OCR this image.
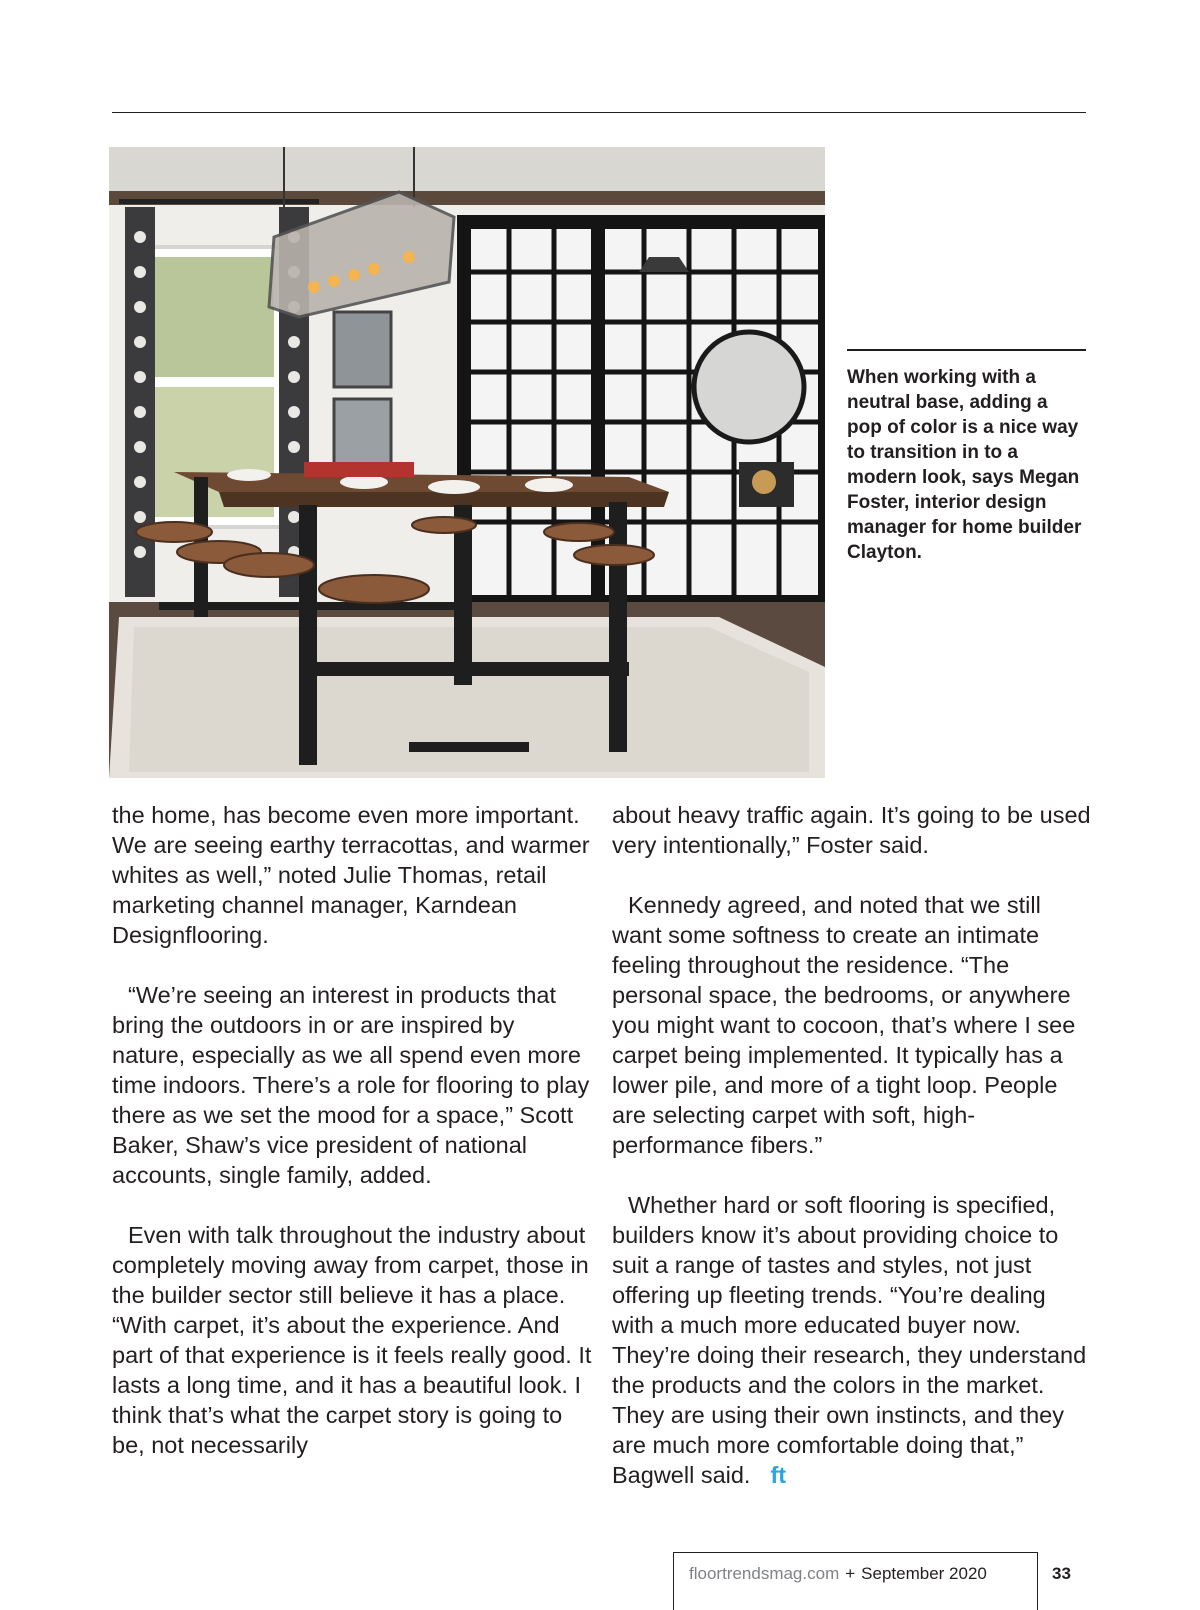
When working with a neutral base, adding a pop of color is a nice way to transition in to a modern look, says Megan Foster, interior design manager for home builder Clayton.

the home, has become even more important. We are seeing earthy terracottas, and warmer whites as well,” noted Julie Thomas, retail marketing channel manager, Karndean Designflooring.

“We’re seeing an interest in products that bring the outdoors in or are inspired by nature, especially as we all spend even more time indoors. There’s a role for flooring to play there as we set the mood for a space,” Scott Baker, Shaw’s vice president of national accounts, single family, added.

Even with talk throughout the industry about completely moving away from carpet, those in the builder sector still believe it has a place. “With carpet, it’s about the experience. And part of that experience is it feels really good. It lasts a long time, and it has a beautiful look. I think that’s what the carpet story is going to be, not necessarily

about heavy traffic again. It’s going to be used very intentionally,” Foster said.

Kennedy agreed, and noted that we still want some softness to create an intimate feeling throughout the residence. “The personal space, the bedrooms, or anywhere you might want to cocoon, that’s where I see carpet being implemented. It typically has a lower pile, and more of a tight loop. People are selecting carpet with soft, high-performance fibers.”

Whether hard or soft flooring is specified, builders know it’s about providing choice to suit a range of tastes and styles, not just offering up fleeting trends. “You’re dealing with a much more educated buyer now. They’re doing their research, they understand the products and the colors in the market. They are using their own instincts, and they are much more comfortable doing that,” Bagwell said. ft

floortrendsmag.com + September 2020	33
